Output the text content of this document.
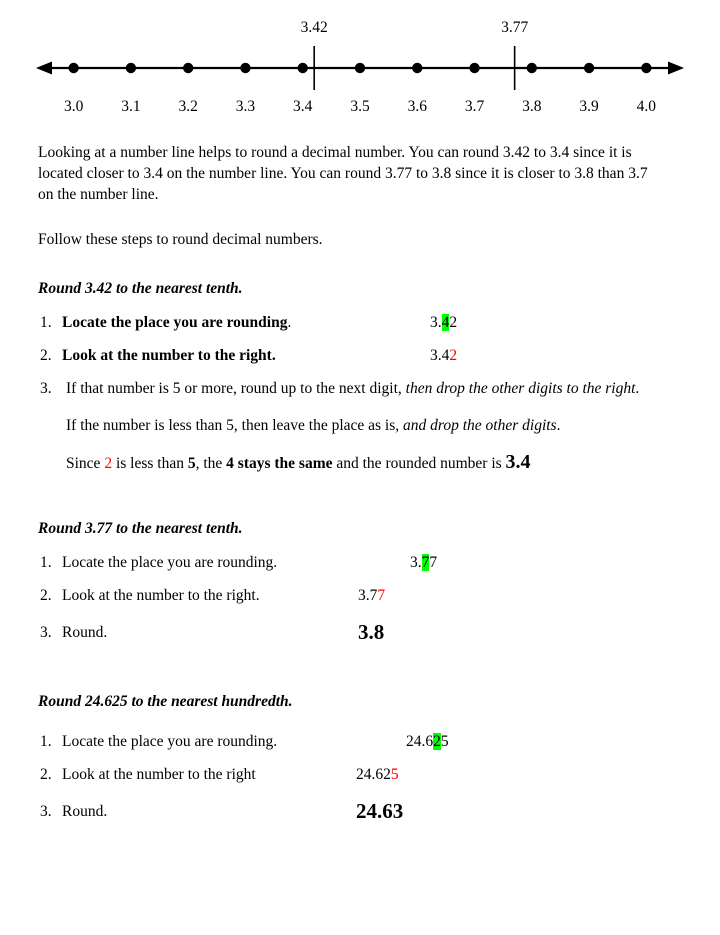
3.42	3.77
3.0 3.1 3.2 3.3 3.4 3.5 3.6 3.7 3.8 3.9 4.0

Looking at a number line helps to round a decimal number. You can round 3.42 to 3.4 since it is
located closer to 3.4 on the number line. You can round 3.77 to 3.8 since it is closer to 3.8 than 3.7
on the number line.

Follow these steps to round decimal numbers.

Round 3.42 to the nearest tenth.
1. Locate the place you are rounding.	3.42
2. Look at the number to the right.	3.42
3. If that number is 5 or more, round up to the next digit, then drop the other digits to the right.
If the number is less than 5, then leave the place as is, and drop the other digits.
Since 2 is less than 5, the 4 stays the same and the rounded number is 3.4
Round 3.77 to the nearest tenth.
1. Locate the place you are rounding.	3.77
2. Look at the number to the right.	3.77
3. Round.	3.8
Round 24.625 to the nearest hundredth.
1. Locate the place you are rounding.	24.625
2. Look at the number to the right	24.625
3. Round.	24.63
